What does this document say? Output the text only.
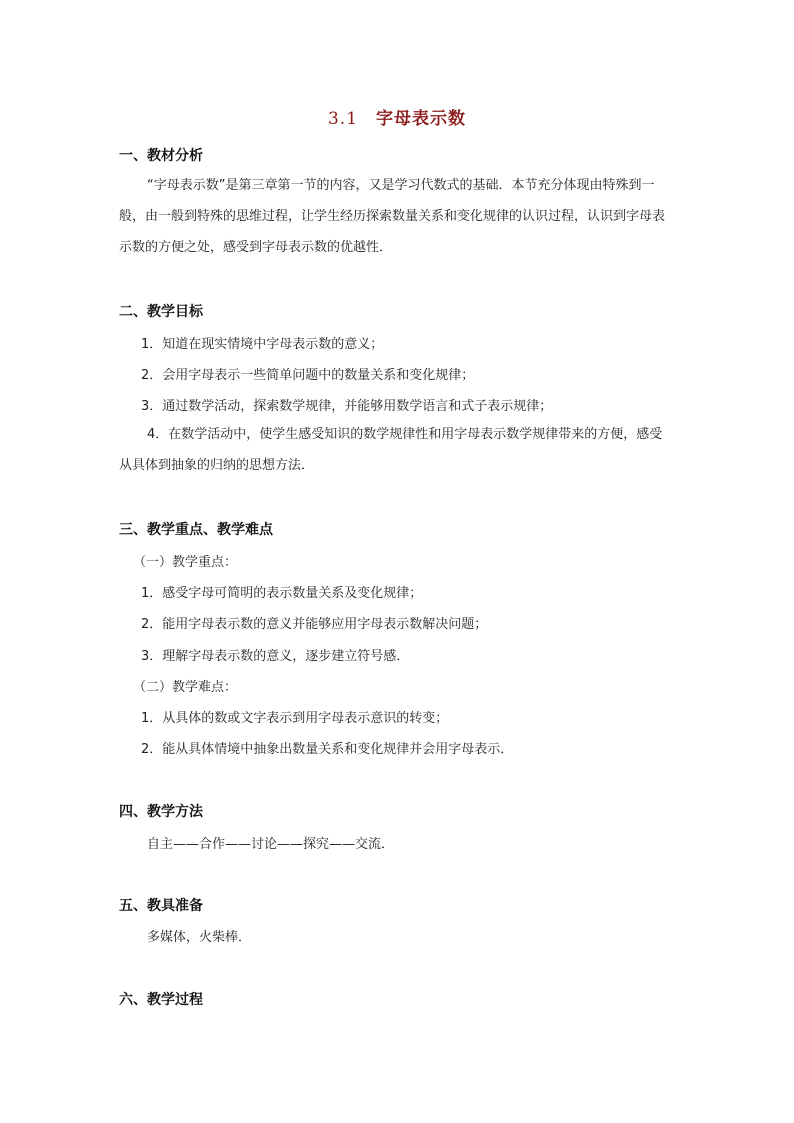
3.1 字母表示数
一、教材分析
“字母表示数”是第三章第一节的内容，又是学习代数式的基础．本节充分体现由特殊到一般，由一般到特殊的思维过程，让学生经历探索数量关系和变化规律的认识过程，认识到字母表示数的方便之处，感受到字母表示数的优越性．
二、教学目标
1．知道在现实情境中字母表示数的意义；
2．会用字母表示一些简单问题中的数量关系和变化规律；
3．通过数学活动，探索数学规律，并能够用数学语言和式子表示规律；
4．在数学活动中，使学生感受知识的数学规律性和用字母表示数学规律带来的方便，感受从具体到抽象的归纳的思想方法．
三、教学重点、教学难点
（一）教学重点：
1．感受字母可简明的表示数量关系及变化规律；
2．能用字母表示数的意义并能够应用字母表示数解决问题；
3．理解字母表示数的意义，逐步建立符号感．
（二）教学难点：
1．从具体的数或文字表示到用字母表示意识的转变；
2．能从具体情境中抽象出数量关系和变化规律并会用字母表示．
四、教学方法
自主——合作——讨论——探究——交流．
五、教具准备
多媒体，火柴棒．
六、教学过程
